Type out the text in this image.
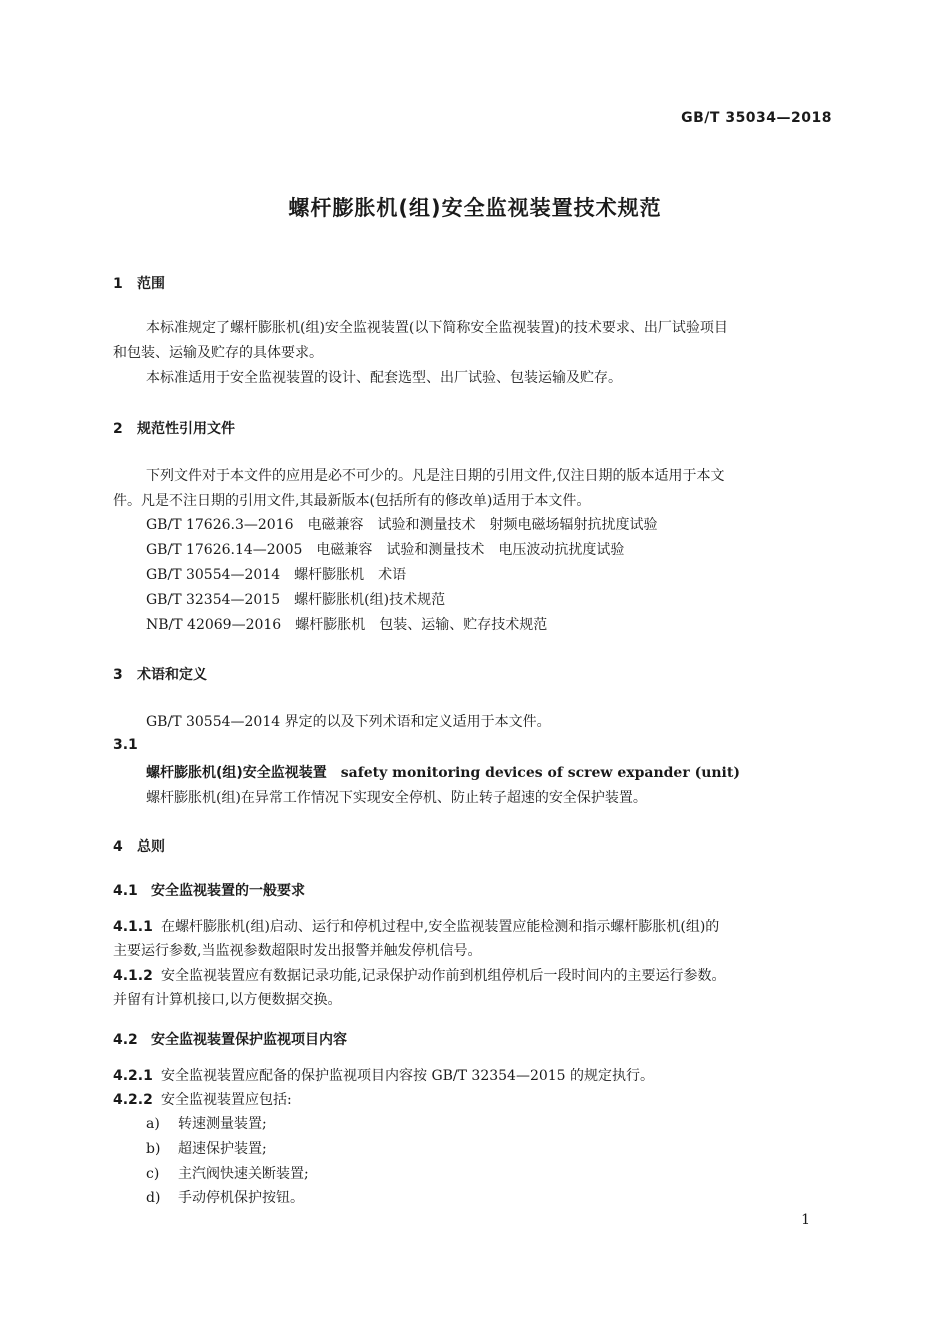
GB/T 35034—2018
螺杆膨胀机(组)安全监视装置技术规范
1 范围
本标准规定了螺杆膨胀机(组)安全监视装置(以下简称安全监视装置)的技术要求、出厂试验项目
和包装、运输及贮存的具体要求。
本标准适用于安全监视装置的设计、配套选型、出厂试验、包装运输及贮存。
2 规范性引用文件
下列文件对于本文件的应用是必不可少的。凡是注日期的引用文件,仅注日期的版本适用于本文
件。凡是不注日期的引用文件,其最新版本(包括所有的修改单)适用于本文件。
GB/T 17626.3—2016 电磁兼容　试验和测量技术　射频电磁场辐射抗扰度试验
GB/T 17626.14—2005 电磁兼容　试验和测量技术　电压波动抗扰度试验
GB/T 30554—2014 螺杆膨胀机　术语
GB/T 32354—2015 螺杆膨胀机(组)技术规范
NB/T 42069—2016 螺杆膨胀机　包装、运输、贮存技术规范
3 术语和定义
GB/T 30554—2014 界定的以及下列术语和定义适用于本文件。
3.1
螺杆膨胀机(组)安全监视装置 safety monitoring devices of screw expander (unit)
螺杆膨胀机(组)在异常工作情况下实现安全停机、防止转子超速的安全保护装置。
4 总则
4.1 安全监视装置的一般要求
4.1.1 在螺杆膨胀机(组)启动、运行和停机过程中,安全监视装置应能检测和指示螺杆膨胀机(组)的
主要运行参数,当监视参数超限时发出报警并触发停机信号。
4.1.2 安全监视装置应有数据记录功能,记录保护动作前到机组停机后一段时间内的主要运行参数。
并留有计算机接口,以方便数据交换。
4.2 安全监视装置保护监视项目内容
4.2.1 安全监视装置应配备的保护监视项目内容按 GB/T 32354—2015 的规定执行。
4.2.2 安全监视装置应包括:
a) 转速测量装置;
b) 超速保护装置;
c) 主汽阀快速关断装置;
d) 手动停机保护按钮。
1
